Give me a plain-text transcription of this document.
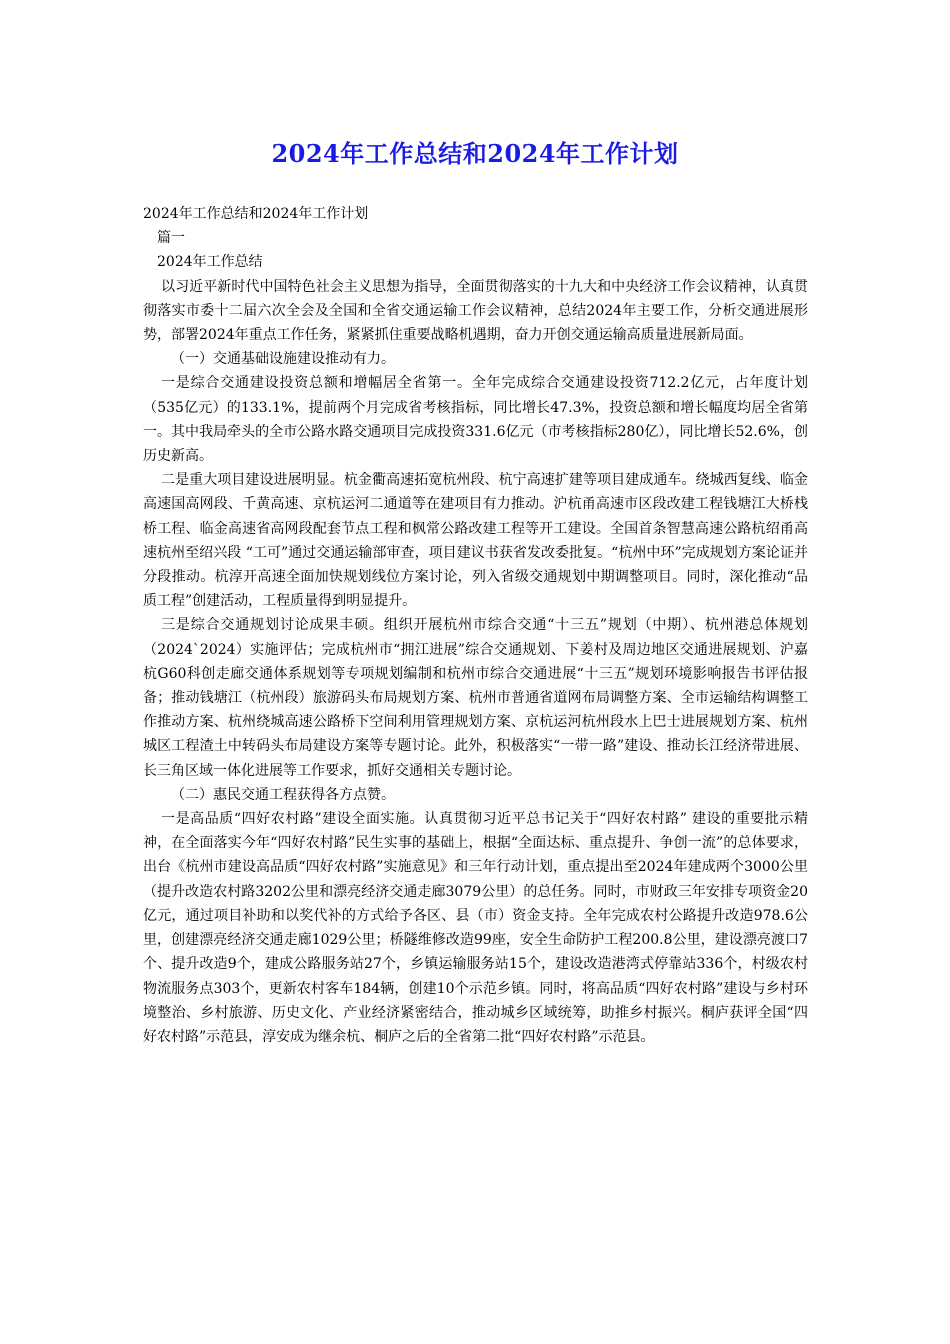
2024年工作总结和2024年工作计划

2024年工作总结和2024年工作计划

篇一

2024年工作总结

以习近平新时代中国特色社会主义思想为指导，全面贯彻落实的十九大和中央经济工作会议精神，认真贯彻落实市委十二届六次全会及全国和全省交通运输工作会议精神，总结2024年主要工作，分析交通进展形势，部署2024年重点工作任务，紧紧抓住重要战略机遇期，奋力开创交通运输高质量进展新局面。

（一）交通基础设施建设推动有力。

一是综合交通建设投资总额和增幅居全省第一。全年完成综合交通建设投资712.2亿元，占年度计划（535亿元）的133.1%，提前两个月完成省考核指标，同比增长47.3%，投资总额和增长幅度均居全省第一。其中我局牵头的全市公路水路交通项目完成投资331.6亿元（市考核指标280亿），同比增长52.6%，创历史新高。

二是重大项目建设进展明显。杭金衢高速拓宽杭州段、杭宁高速扩建等项目建成通车。绕城西复线、临金高速国高网段、千黄高速、京杭运河二通道等在建项目有力推动。沪杭甬高速市区段改建工程钱塘江大桥栈桥工程、临金高速省高网段配套节点工程和枫常公路改建工程等开工建设。全国首条智慧高速公路杭绍甬高速杭州至绍兴段 “工可”通过交通运输部审查，项目建议书获省发改委批复。“杭州中环”完成规划方案论证并分段推动。杭淳开高速全面加快规划线位方案讨论，列入省级交通规划中期调整项目。同时，深化推动“品质工程”创建活动，工程质量得到明显提升。

三是综合交通规划讨论成果丰硕。组织开展杭州市综合交通“十三五”规划（中期）、杭州港总体规划（2024`2024）实施评估；完成杭州市“拥江进展”综合交通规划、下姜村及周边地区交通进展规划、沪嘉杭G60科创走廊交通体系规划等专项规划编制和杭州市综合交通进展“十三五”规划环境影响报告书评估报备；推动钱塘江（杭州段）旅游码头布局规划方案、杭州市普通省道网布局调整方案、全市运输结构调整工作推动方案、杭州绕城高速公路桥下空间利用管理规划方案、京杭运河杭州段水上巴士进展规划方案、杭州城区工程渣土中转码头布局建设方案等专题讨论。此外，积极落实“一带一路”建设、推动长江经济带进展、长三角区域一体化进展等工作要求，抓好交通相关专题讨论。

（二）惠民交通工程获得各方点赞。

一是高品质“四好农村路”建设全面实施。认真贯彻习近平总书记关于“四好农村路” 建设的重要批示精神，在全面落实今年“四好农村路”民生实事的基础上，根据“全面达标、重点提升、争创一流”的总体要求，出台《杭州市建设高品质“四好农村路”实施意见》和三年行动计划，重点提出至2024年建成两个3000公里（提升改造农村路3202公里和漂亮经济交通走廊3079公里）的总任务。同时，市财政三年安排专项资金20亿元，通过项目补助和以奖代补的方式给予各区、县（市）资金支持。全年完成农村公路提升改造978.6公里，创建漂亮经济交通走廊1029公里；桥隧维修改造99座，安全生命防护工程200.8公里，建设漂亮渡口7个、提升改造9个，建成公路服务站27个，乡镇运输服务站15个，建设改造港湾式停靠站336个，村级农村物流服务点303个，更新农村客车184辆，创建10个示范乡镇。同时，将高品质“四好农村路”建设与乡村环境整治、乡村旅游、历史文化、产业经济紧密结合，推动城乡区域统筹，助推乡村振兴。桐庐获评全国“四好农村路”示范县，淳安成为继余杭、桐庐之后的全省第二批“四好农村路”示范县。
